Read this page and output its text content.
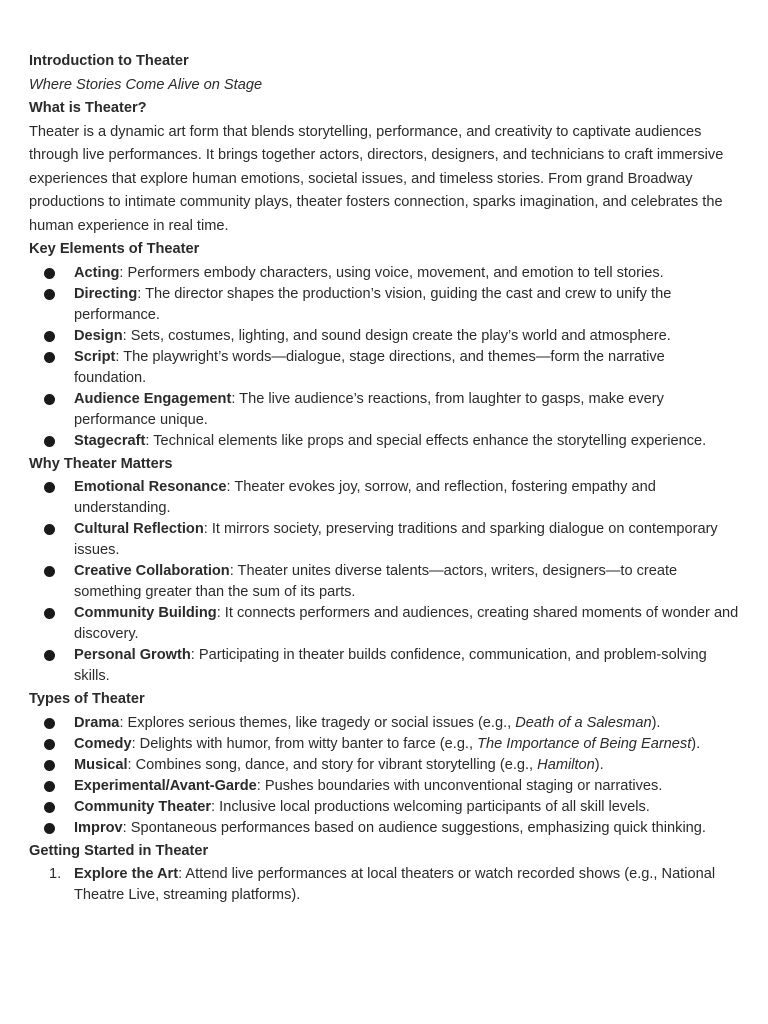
Introduction to Theater

Where Stories Come Alive on Stage

What is Theater?

Theater is a dynamic art form that blends storytelling, performance, and creativity to captivate audiences through live performances. It brings together actors, directors, designers, and technicians to craft immersive experiences that explore human emotions, societal issues, and timeless stories. From grand Broadway productions to intimate community plays, theater fosters connection, sparks imagination, and celebrates the human experience in real time.

Key Elements of Theater

Acting: Performers embody characters, using voice, movement, and emotion to tell stories.
Directing: The director shapes the production’s vision, guiding the cast and crew to unify the performance.
Design: Sets, costumes, lighting, and sound design create the play’s world and atmosphere.
Script: The playwright’s words—dialogue, stage directions, and themes—form the narrative foundation.
Audience Engagement: The live audience’s reactions, from laughter to gasps, make every performance unique.
Stagecraft: Technical elements like props and special effects enhance the storytelling experience.

Why Theater Matters

Emotional Resonance: Theater evokes joy, sorrow, and reflection, fostering empathy and understanding.
Cultural Reflection: It mirrors society, preserving traditions and sparking dialogue on contemporary issues.
Creative Collaboration: Theater unites diverse talents—actors, writers, designers—to create something greater than the sum of its parts.
Community Building: It connects performers and audiences, creating shared moments of wonder and discovery.
Personal Growth: Participating in theater builds confidence, communication, and problem-solving skills.

Types of Theater

Drama: Explores serious themes, like tragedy or social issues (e.g., Death of a Salesman).
Comedy: Delights with humor, from witty banter to farce (e.g., The Importance of Being Earnest).
Musical: Combines song, dance, and story for vibrant storytelling (e.g., Hamilton).
Experimental/Avant-Garde: Pushes boundaries with unconventional staging or narratives.
Community Theater: Inclusive local productions welcoming participants of all skill levels.
Improv: Spontaneous performances based on audience suggestions, emphasizing quick thinking.

Getting Started in Theater

1. Explore the Art: Attend live performances at local theaters or watch recorded shows (e.g., National Theatre Live, streaming platforms).
